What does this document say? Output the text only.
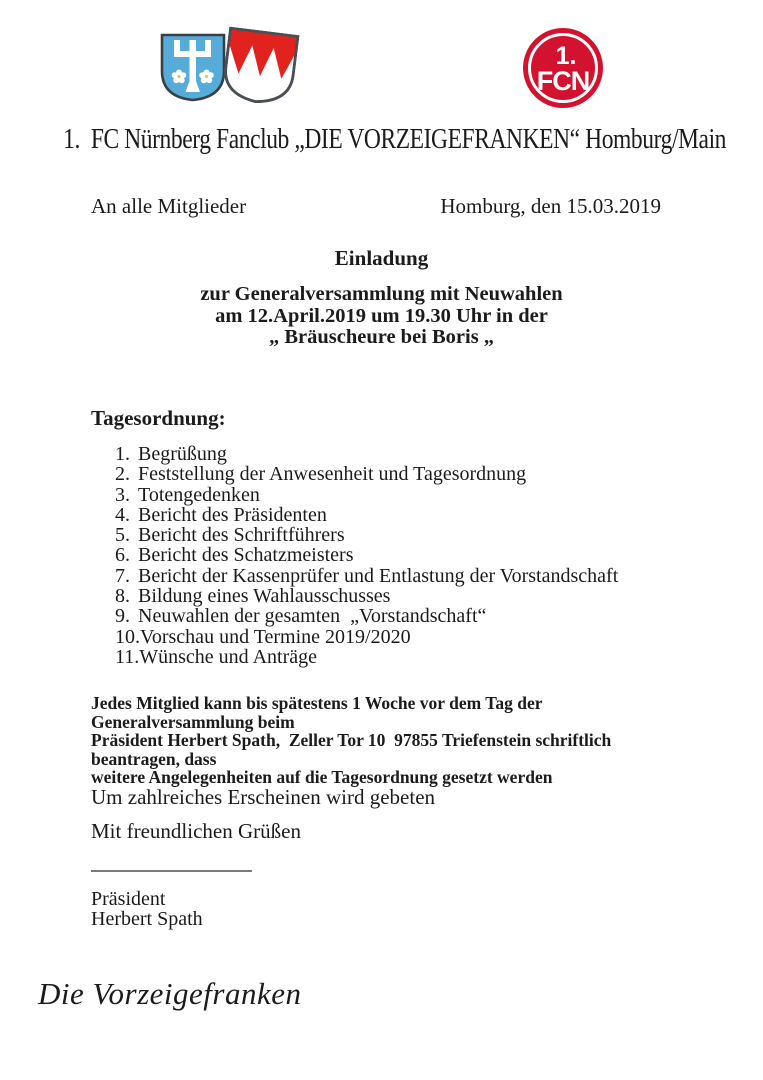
1.
FCN
1.  FC Nürnberg Fanclub „DIE VORZEIGEFRANKEN“ Homburg/Main
An alle Mitglieder	Homburg, den 15.03.2019
Einladung
zur Generalversammlung mit Neuwahlen
am 12.April.2019 um 19.30 Uhr in der
„ Bräuscheure bei Boris „
Tagesordnung:
1. Begrüßung
2. Feststellung der Anwesenheit und Tagesordnung
3. Totengedenken
4. Bericht des Präsidenten
5. Bericht des Schriftführers
6. Bericht des Schatzmeisters
7. Bericht der Kassenprüfer und Entlastung der Vorstandschaft
8. Bildung eines Wahlausschusses
9. Neuwahlen der gesamten  „Vorstandschaft“
10. Vorschau und Termine 2019/2020
11. Wünsche und Anträge
Jedes Mitglied kann bis spätestens 1 Woche vor dem Tag der Generalversammlung beim
Präsident Herbert Spath,  Zeller Tor 10  97855 Triefenstein schriftlich beantragen, dass
weitere Angelegenheiten auf die Tagesordnung gesetzt werden
Um zahlreiches Erscheinen wird gebeten
Mit freundlichen Grüßen
Präsident
Herbert Spath
Die Vorzeigefranken
